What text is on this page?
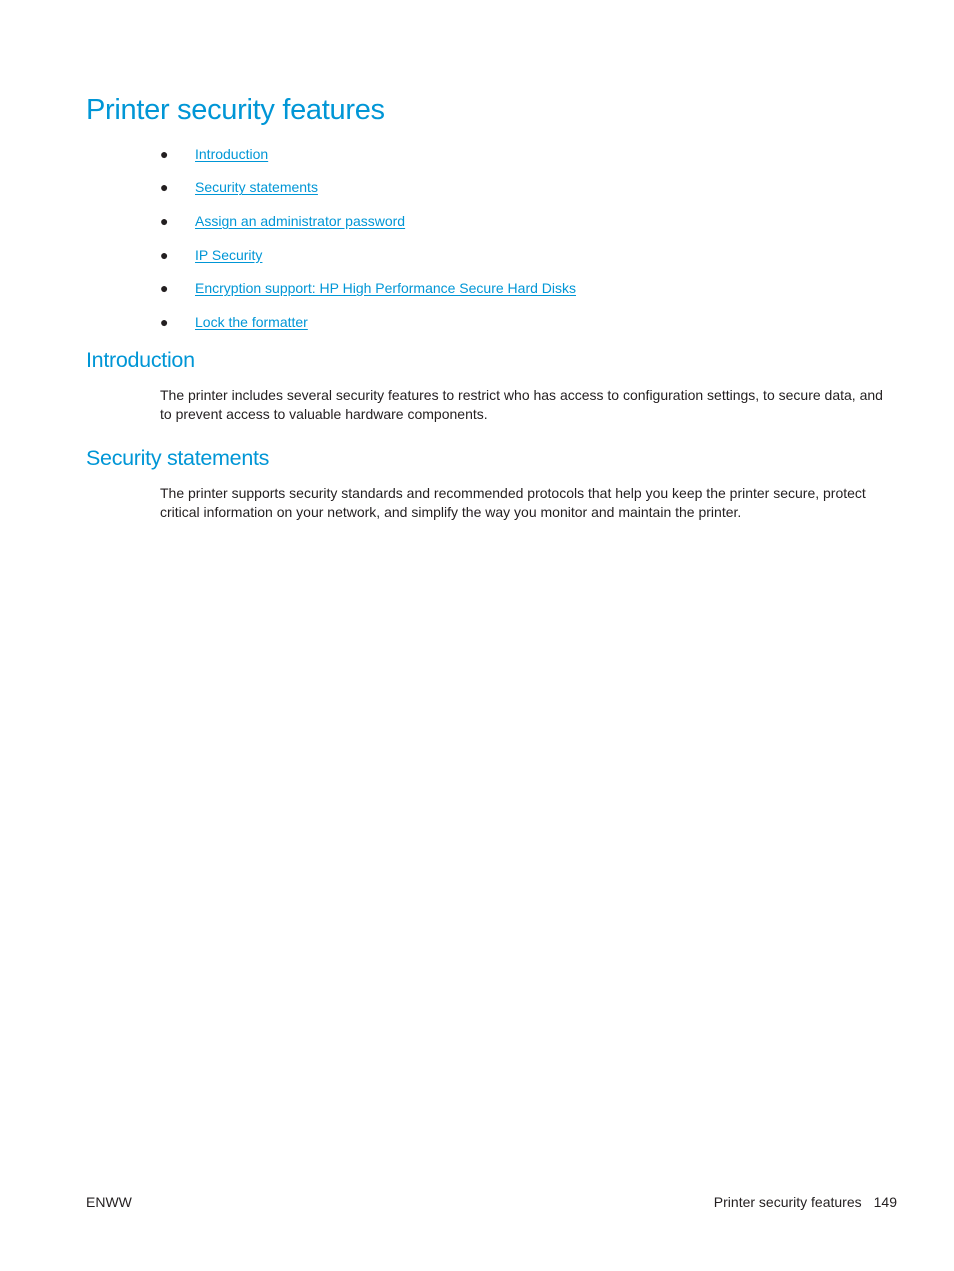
Printer security features
●	Introduction
●	Security statements
●	Assign an administrator password
●	IP Security
●	Encryption support: HP High Performance Secure Hard Disks
●	Lock the formatter
Introduction

The printer includes several security features to restrict who has access to configuration settings, to secure data, and to prevent access to valuable hardware components.

Security statements

The printer supports security standards and recommended protocols that help you keep the printer secure, protect critical information on your network, and simplify the way you monitor and maintain the printer.

ENWW	Printer security features 149
